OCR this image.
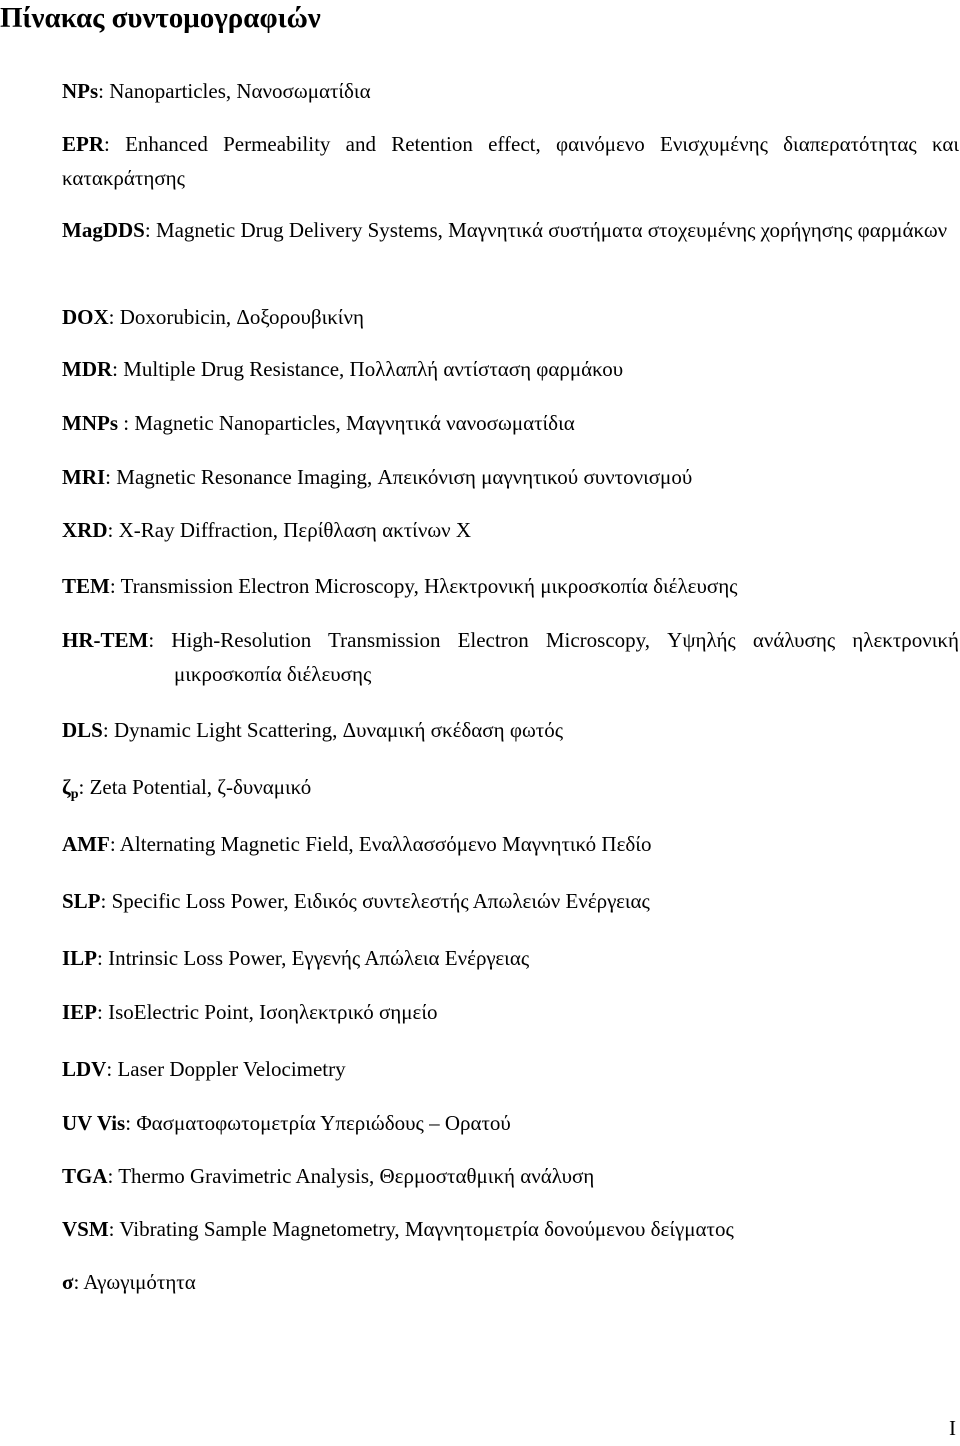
Πίνακας συντομογραφιών

NPs: Nanoparticles, Νανοσωματίδια

EPR: Enhanced Permeability and Retention effect, φαινόμενο Ενισχυμένης διαπερατότητας και κατακράτησης

MagDDS: Magnetic Drug Delivery Systems, Μαγνητικά συστήματα στοχευμένης χορήγησης φαρμάκων

DOX: Doxorubicin, Δοξορουβικίνη

MDR: Multiple Drug Resistance, Πολλαπλή αντίσταση φαρμάκου

MNPs : Magnetic Nanoparticles, Μαγνητικά νανοσωματίδια

MRI: Magnetic Resonance Imaging, Απεικόνιση μαγνητικού συντονισμού

XRD: X-Ray Diffraction, Περίθλαση ακτίνων X

TEM: Transmission Electron Microscopy, Ηλεκτρονική μικροσκοπία διέλευσης

HR-TEM: High-Resolution Transmission Electron Microscopy, Υψηλής ανάλυσης ηλεκτρονική μικροσκοπία διέλευσης

DLS: Dynamic Light Scattering, Δυναμική σκέδαση φωτός

$\zeta_p$: Zeta Potential, ζ-δυναμικό

AMF: Alternating Magnetic Field, Εναλλασσόμενο Μαγνητικό Πεδίο

SLP: Specific Loss Power, Ειδικός συντελεστής Απωλειών Ενέργειας

ILP: Intrinsic Loss Power, Εγγενής Απώλεια Ενέργειας

IEP: IsoElectric Point, Ισοηλεκτρικό σημείο

LDV: Laser Doppler Velocimetry

UV Vis: Φασματοφωτομετρία Υπεριώδους – Ορατού

TGA: Thermo Gravimetric Analysis, Θερμοσταθμική ανάλυση

VSM: Vibrating Sample Magnetometry, Μαγνητομετρία δονούμενου δείγματος

σ: Αγωγιμότητα

I
